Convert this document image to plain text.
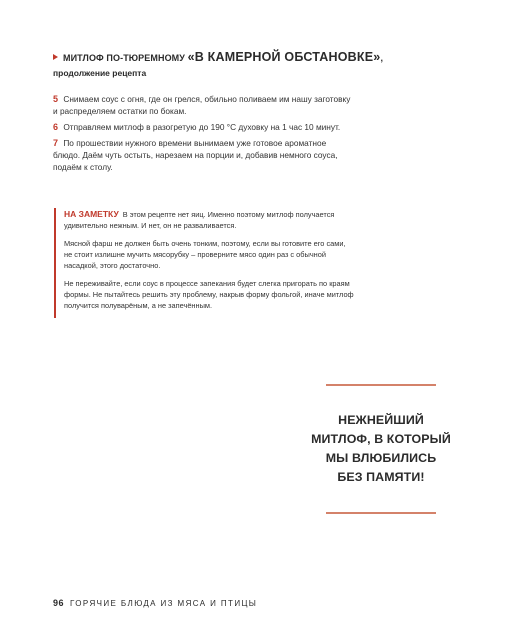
МИТЛОФ ПО-ТЮРЕМНОМУ «В КАМЕРНОЙ ОБСТАНОВКЕ»,
продолжение рецепта
5 Снимаем соус с огня, где он грелся, обильно поливаем им нашу заготовку и распределяем остатки по бокам.
6 Отправляем митлоф в разогретую до 190 °С духовку на 1 час 10 минут.
7 По прошествии нужного времени вынимаем уже готовое ароматное блюдо. Даём чуть остыть, нарезаем на порции и, добавив немного соуса, подаём к столу.

НА ЗАМЕТКУ В этом рецепте нет яиц. Именно поэтому митлоф получается удивительно нежным. И нет, он не разваливается.

Мясной фарш не должен быть очень тонким, поэтому, если вы готовите его сами, не стоит излишне мучить мясорубку – проверните мясо один раз с обычной насадкой, этого достаточно.

Не переживайте, если соус в процессе запекания будет слегка пригорать по краям формы. Не пытайтесь решить эту проблему, накрыв форму фольгой, иначе митлоф получится полуварёным, а не запечённым.

НЕЖНЕЙШИЙ
МИТЛОФ, В КОТОРЫЙ
МЫ ВЛЮБИЛИСЬ
БЕЗ ПАМЯТИ!
96 ГОРЯЧИЕ БЛЮДА ИЗ МЯСА И ПТИЦЫ
